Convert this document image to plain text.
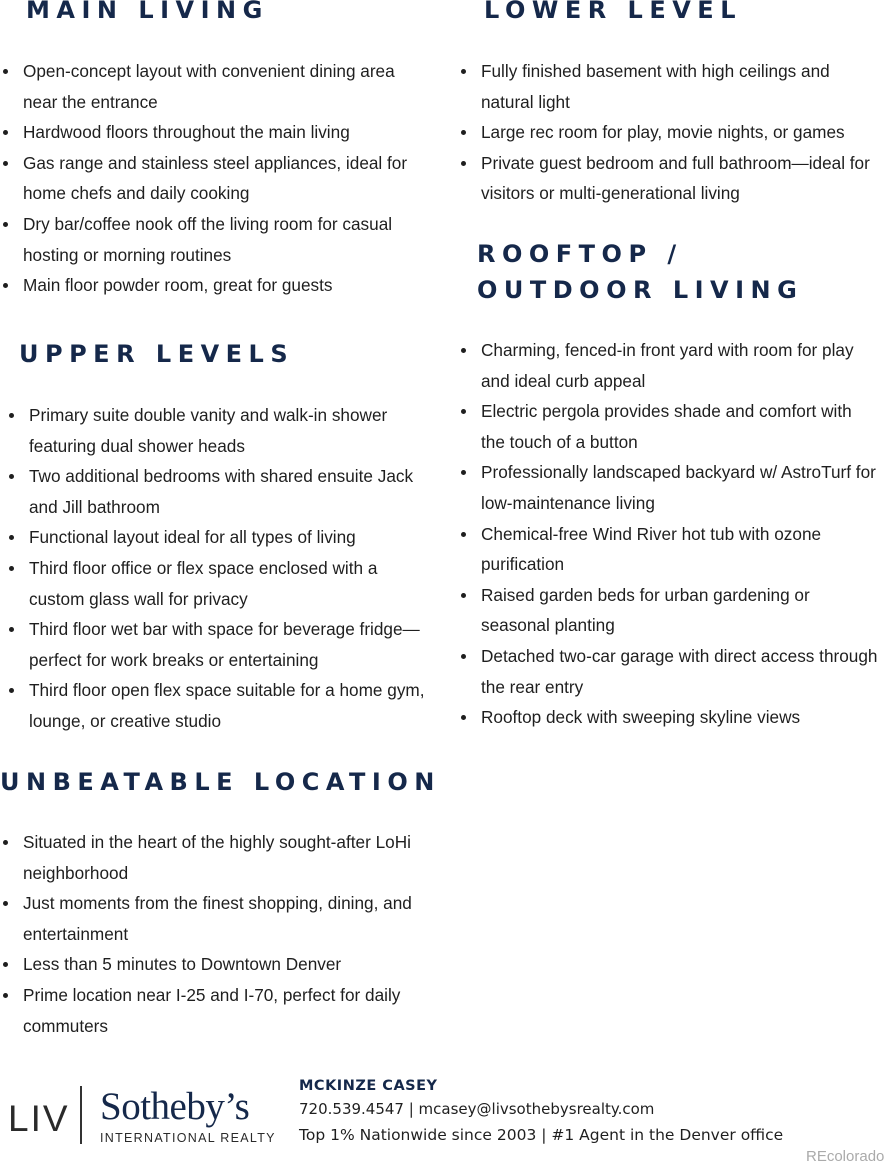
MAIN LIVING
Open-concept layout with convenient dining area near the entrance
Hardwood floors throughout the main living
Gas range and stainless steel appliances, ideal for home chefs and daily cooking
Dry bar/coffee nook off the living room for casual hosting or morning routines
Main floor powder room, great for guests
LOWER LEVEL
Fully finished basement with high ceilings and natural light
Large rec room for play, movie nights, or games
Private guest bedroom and full bathroom—ideal for visitors or multi-generational living
ROOFTOP / OUTDOOR LIVING
Charming, fenced-in front yard with room for play and ideal curb appeal
Electric pergola provides shade and comfort with the touch of a button
Professionally landscaped backyard w/ AstroTurf for low-maintenance living
Chemical-free Wind River hot tub with ozone purification
Raised garden beds for urban gardening or seasonal planting
Detached two-car garage with direct access through the rear entry
Rooftop deck with sweeping skyline views
UPPER LEVELS
Primary suite double vanity and walk-in shower featuring dual shower heads
Two additional bedrooms with shared ensuite Jack and Jill bathroom
Functional layout ideal for all types of living
Third floor office or flex space enclosed with a custom glass wall for privacy
Third floor wet bar with space for beverage fridge—perfect for work breaks or entertaining
Third floor open flex space suitable for a home gym, lounge, or creative studio
UNBEATABLE LOCATION
Situated in the heart of the highly sought-after LoHi neighborhood
Just moments from the finest shopping, dining, and entertainment
Less than 5 minutes to Downtown Denver
Prime location near I-25 and I-70, perfect for daily commuters
LIV Sotheby’s
INTERNATIONAL REALTY
MCKINZE CASEY
720.539.4547 | mcasey@livsothebysrealty.com
Top 1% Nationwide since 2003 | #1 Agent in the Denver office
REcolorado
